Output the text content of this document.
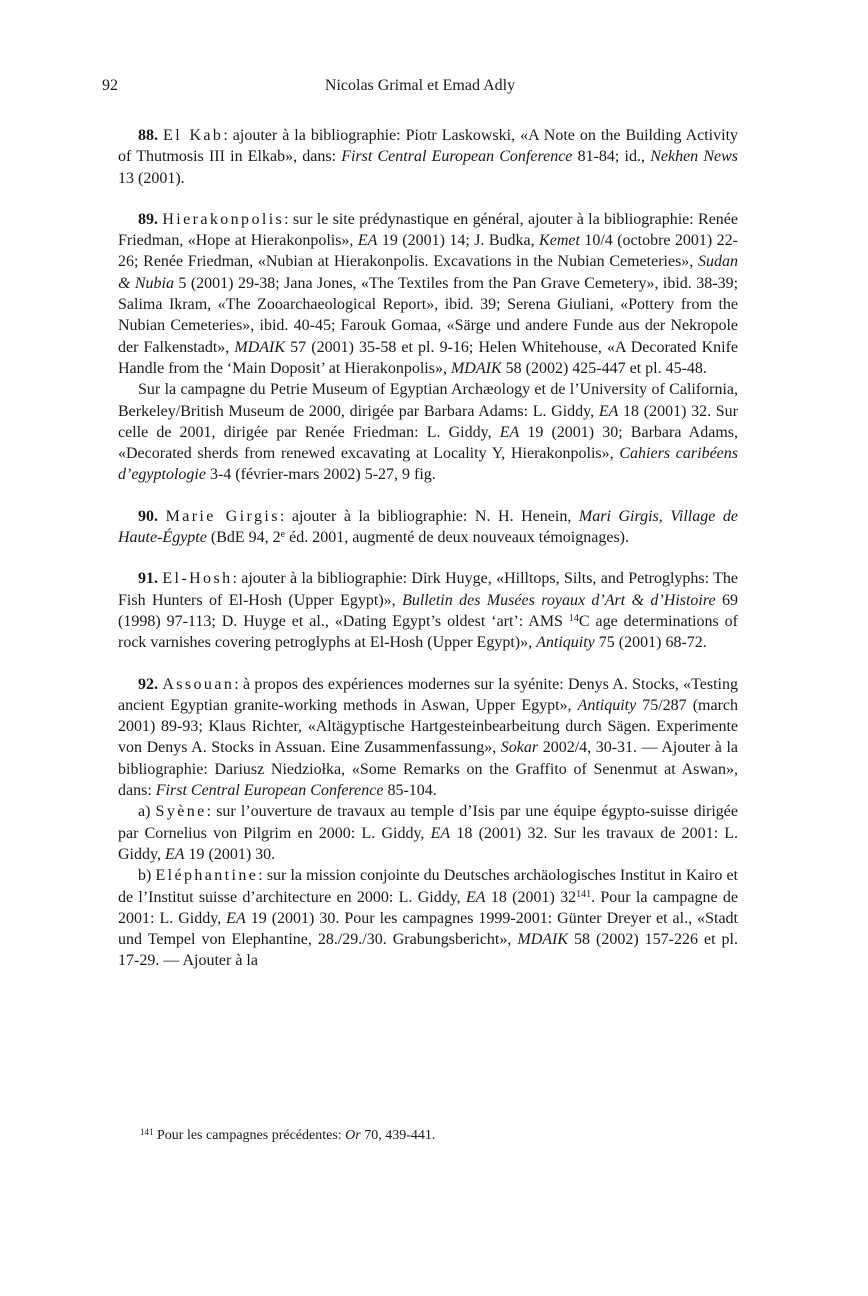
92	Nicolas Grimal et Emad Adly

88. El Kab: ajouter à la bibliographie: Piotr Laskowski, «A Note on the Building Activity of Thutmosis III in Elkab», dans: First Central European Conference 81-84; id., Nekhen News 13 (2001).

89. Hierakonpolis: sur le site prédynastique en général, ajouter à la bibliographie: Renée Friedman, «Hope at Hierakonpolis», EA 19 (2001) 14; J. Budka, Kemet 10/4 (octobre 2001) 22-26; Renée Friedman, «Nubian at Hierakonpolis. Excavations in the Nubian Cemeteries», Sudan & Nubia 5 (2001) 29-38; Jana Jones, «The Textiles from the Pan Grave Cemetery», ibid. 38-39; Salima Ikram, «The Zooarchaeological Report», ibid. 39; Serena Giuliani, «Pottery from the Nubian Cemeteries», ibid. 40-45; Farouk Gomaa, «Särge und andere Funde aus der Nekropole der Falkenstadt», MDAIK 57 (2001) 35-58 et pl. 9-16; Helen Whitehouse, «A Decorated Knife Handle from the ‘Main Doposit’ at Hierakonpolis», MDAIK 58 (2002) 425-447 et pl. 45-48.

Sur la campagne du Petrie Museum of Egyptian Archæology et de l’University of California, Berkeley/British Museum de 2000, dirigée par Barbara Adams: L. Giddy, EA 18 (2001) 32. Sur celle de 2001, dirigée par Renée Friedman: L. Giddy, EA 19 (2001) 30; Barbara Adams, «Decorated sherds from renewed excavating at Locality Y, Hierakonpolis», Cahiers caribéens d’egyptologie 3-4 (février-mars 2002) 5-27, 9 fig.

90. Marie Girgis: ajouter à la bibliographie: N. H. Henein, Mari Girgis, Village de Haute-Égypte (BdE 94, 2e éd. 2001, augmenté de deux nouveaux témoignages).

91. El-Hosh: ajouter à la bibliographie: Dirk Huyge, «Hilltops, Silts, and Petroglyphs: The Fish Hunters of El-Hosh (Upper Egypt)», Bulletin des Musées royaux d’Art & d’Histoire 69 (1998) 97-113; D. Huyge et al., «Dating Egypt’s oldest ‘art’: AMS $^{14}$C age determinations of rock varnishes covering petroglyphs at El-Hosh (Upper Egypt)», Antiquity 75 (2001) 68-72.

92. Assouan: à propos des expériences modernes sur la syénite: Denys A. Stocks, «Testing ancient Egyptian granite-working methods in Aswan, Upper Egypt», Antiquity 75/287 (march 2001) 89-93; Klaus Richter, «Altägyptische Hartgesteinbearbeitung durch Sägen. Experimente von Denys A. Stocks in Assuan. Eine Zusammenfassung», Sokar 2002/4, 30-31. — Ajouter à la bibliographie: Dariusz Niedziołka, «Some Remarks on the Graffito of Senenmut at Aswan», dans: First Central European Conference 85-104.

a) Syène: sur l’ouverture de travaux au temple d’Isis par une équipe égypto-suisse dirigée par Cornelius von Pilgrim en 2000: L. Giddy, EA 18 (2001) 32. Sur les travaux de 2001: L. Giddy, EA 19 (2001) 30.

b) Eléphantine: sur la mission conjointe du Deutsches archäologisches Institut in Kairo et de l’Institut suisse d’architecture en 2000: L. Giddy, EA 18 (2001) $32^{141}$. Pour la campagne de 2001: L. Giddy, EA 19 (2001) 30. Pour les campagnes 1999-2001: Günter Dreyer et al., «Stadt und Tempel von Elephantine, 28./29./30. Grabungsbericht», MDAIK 58 (2002) 157-226 et pl. 17-29. — Ajouter à la

$^{141}$ Pour les campagnes précédentes: Or 70, 439-441.
